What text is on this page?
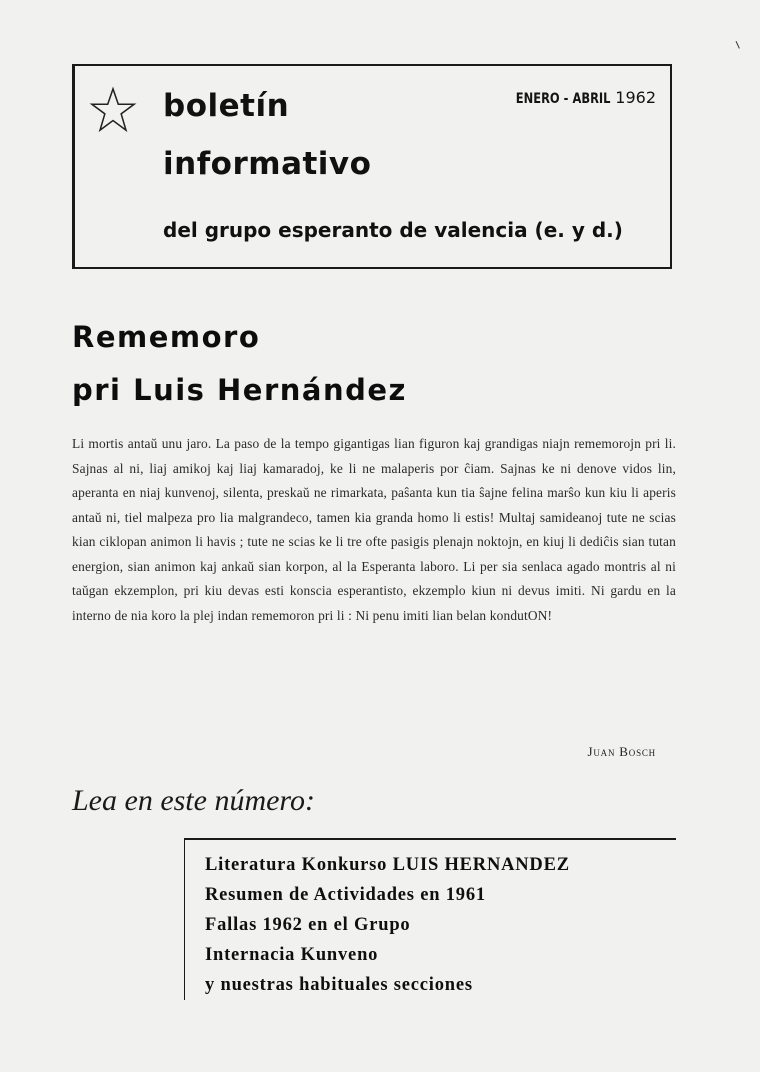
boletín
informativo
del grupo esperanto de valencia (e. y d.)
ENERO - ABRIL 1962
Rememoro
pri Luis Hernández
Li mortis antaŭ unu jaro. La paso de la tempo gigantigas lian figuron kaj grandigas niajn rememorojn pri li. Sajnas al ni, liaj amikoj kaj liaj kamaradoj, ke li ne malaperis por ĉiam. Sajnas ke ni denove vidos lin, aperanta en niaj kunvenoj, silenta, preskaŭ ne rimarkata, paŝanta kun tia ŝajne felina marŝo kun kiu li aperis antaŭ ni, tiel malpeza pro lia malgrandeco, tamen kia granda homo li estis! Multaj samideanoj tute ne scias kian ciklopan animon li havis ; tute ne scias ke li tre ofte pasigis plenajn noktojn, en kiuj li dediĉis sian tutan energion, sian animon kaj ankaŭ sian korpon, al la Esperanta laboro. Li per sia senlaca agado montris al ni taŭgan ekzemplon, pri kiu devas esti konscia esperantisto, ekzemplo kiun ni devus imiti. Ni gardu en la interno de nia koro la plej indan rememoron pri li : Ni penu imiti lian belan kondutON!
Juan Bosch
Lea en este número:
Literatura Konkurso LUIS HERNANDEZ
Resumen de Actividades en 1961
Fallas 1962 en el Grupo
Internacia Kunveno
y nuestras habituales secciones
